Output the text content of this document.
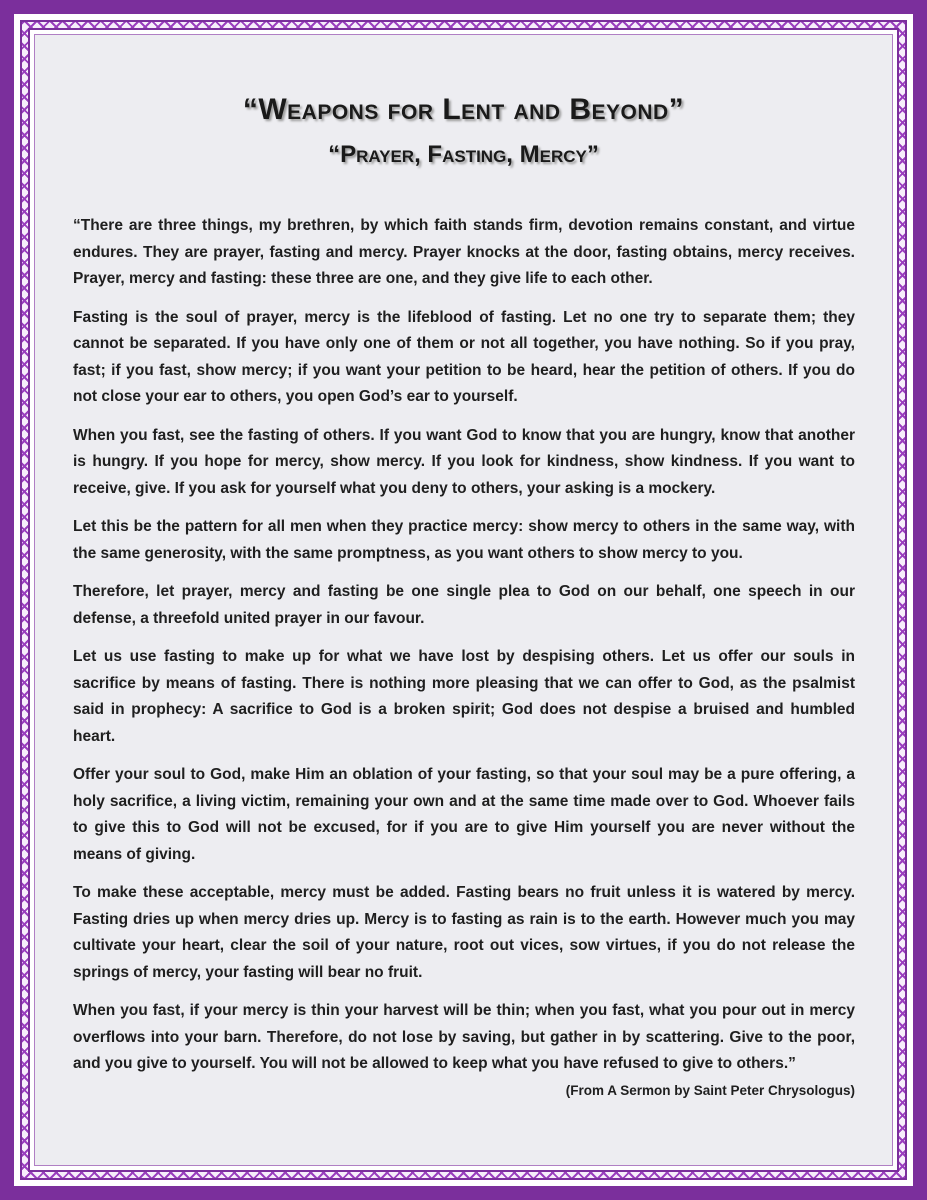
“Weapons for Lent and Beyond”
“Prayer, Fasting, Mercy”

“There are three things, my brethren, by which faith stands firm, devotion remains constant, and virtue endures. They are prayer, fasting and mercy. Prayer knocks at the door, fasting obtains, mercy receives. Prayer, mercy and fasting: these three are one, and they give life to each other.

Fasting is the soul of prayer, mercy is the lifeblood of fasting. Let no one try to separate them; they cannot be separated. If you have only one of them or not all together, you have nothing. So if you pray, fast; if you fast, show mercy; if you want your petition to be heard, hear the petition of others. If you do not close your ear to others, you open God’s ear to yourself.

When you fast, see the fasting of others. If you want God to know that you are hungry, know that another is hungry. If you hope for mercy, show mercy. If you look for kindness, show kindness. If you want to receive, give. If you ask for yourself what you deny to others, your asking is a mockery.

Let this be the pattern for all men when they practice mercy: show mercy to others in the same way, with the same generosity, with the same promptness, as you want others to show mercy to you.

Therefore, let prayer, mercy and fasting be one single plea to God on our behalf, one speech in our defense, a threefold united prayer in our favour.

Let us use fasting to make up for what we have lost by despising others. Let us offer our souls in sacrifice by means of fasting. There is nothing more pleasing that we can offer to God, as the psalmist said in prophecy: A sacrifice to God is a broken spirit; God does not despise a bruised and humbled heart.

Offer your soul to God, make Him an oblation of your fasting, so that your soul may be a pure offering, a holy sacrifice, a living victim, remaining your own and at the same time made over to God. Whoever fails to give this to God will not be excused, for if you are to give Him yourself you are never without the means of giving.

To make these acceptable, mercy must be added. Fasting bears no fruit unless it is watered by mercy. Fasting dries up when mercy dries up. Mercy is to fasting as rain is to the earth. However much you may cultivate your heart, clear the soil of your nature, root out vices, sow virtues, if you do not release the springs of mercy, your fasting will bear no fruit.

When you fast, if your mercy is thin your harvest will be thin; when you fast, what you pour out in mercy overflows into your barn. Therefore, do not lose by saving, but gather in by scattering. Give to the poor, and you give to yourself. You will not be allowed to keep what you have refused to give to others.”
(From A Sermon by Saint Peter Chrysologus)
